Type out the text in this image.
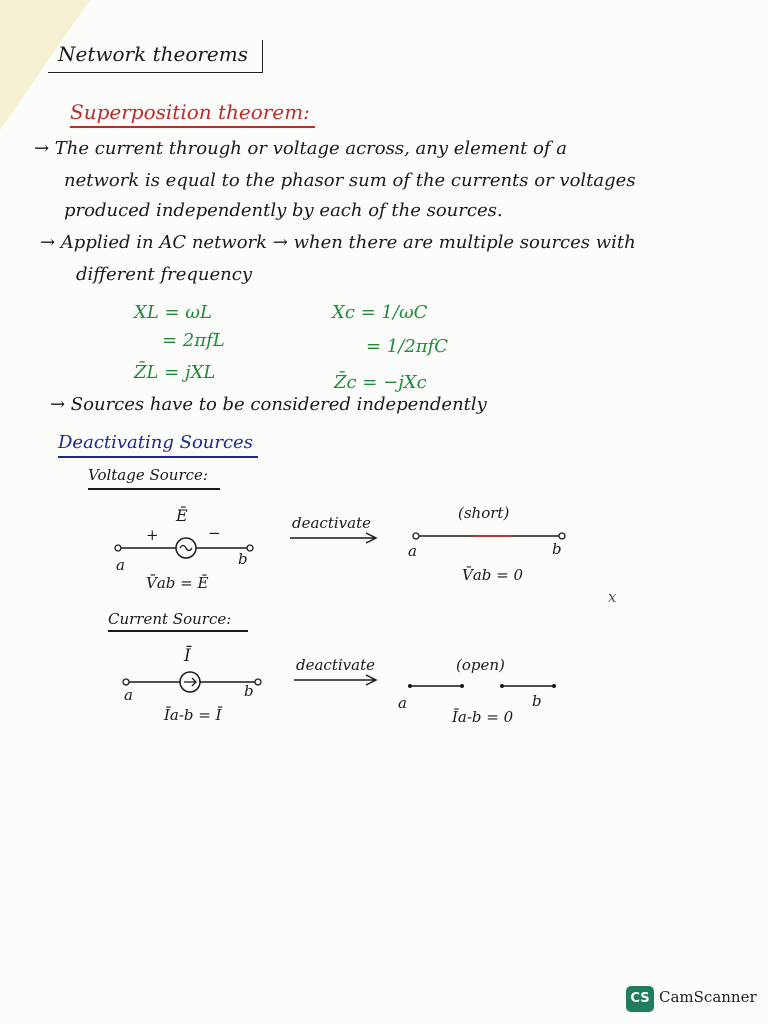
Network theorems
Superposition theorem:
→ The current through or voltage across, any element of a
network is equal to the phasor sum of the currents or voltages
produced independently by each of the sources.
→ Applied in AC network → when there are multiple sources with
different frequency
XL = ωL
= 2πfL
Z̄L = jXL
Xc = 1/ωC
= 1/2πfC
Z̄c = −jXc
→ Sources have to be considered independently
Deactivating Sources
Voltage Source:
Ē
+	−
a	b
V̄ab = Ē
deactivate
(short)
a	b
V̄ab = 0
x
Current Source:
Ī
a	b
Īa-b = Ī
deactivate	(open)
a	b
Īa-b = 0
CS CamScanner
